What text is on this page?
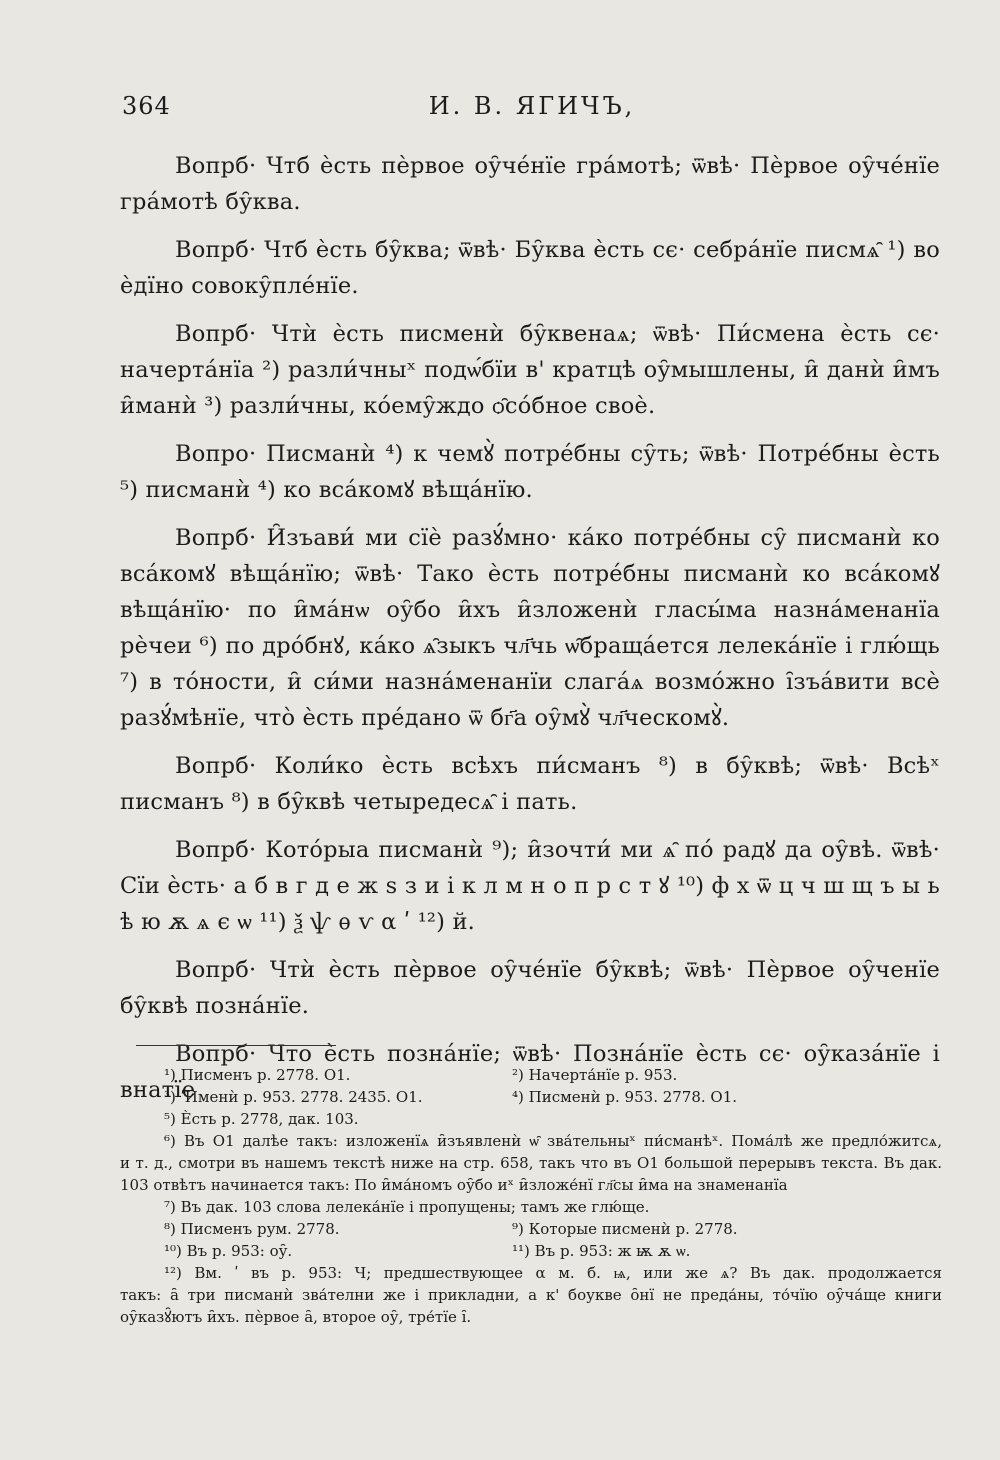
364	И. В. ЯГИЧЪ,

Вопрб· Чтб ѐсть пѐрвое оу̑че́нїе гра́мотѣ; ѿвѣ· Пѐрвое оу̑че́нїе гра́мотѣ бу̑ква.

Вопрб· Чтб ѐсть бу̑ква; ѿвѣ· Бу̑ква ѐсть сє· себра́нїе писмѧ̑ ¹) во ѐдїно совоку̑пле́нїе.

Вопрб· Чтѝ ѐсть писменѝ бу̑квенаѧ; ѿвѣ· Пи́смена ѐсть сє· начерта́нїа ²) разли́чныˣ подѡ́бїи в' кратцѣ оу̑мышлены, и̑ данѝ и̑мъ и̑манѝ ³) разли́чны, ко́ему̑ждо ѻ̑со́бное своѐ.

Вопро· Писманѝ ⁴) к чемꙋ̀ потре́бны су̑ть; ѿвѣ· Потре́бны ѐсть ⁵) писманѝ ⁴) ко вса́комꙋ вѣща́нїю.

Вопрб· И̑зъави́ ми сїѐ разꙋ́мно· ка́ко потре́бны су̑ писманѝ ко вса́комꙋ вѣща́нїю; ѿвѣ· Тако ѐсть потре́бны писманѝ ко вса́комꙋ вѣща́нїю· по и̑ма́нѡ оу̑бо и̑хъ и̑зложенѝ гласы́ма назна́менанїа рѐчеи ⁶) по дро́бнꙋ, ка́ко ѧ̑зыкъ чл҃чь ѡ̑браща́ется лелека́нїе і глю́щь ⁷) в то́ности, и̑ си́ми назна́менанїи слага́ѧ возмо́жно і̑зъа́вити всѐ разꙋ́мѣнїе, что̀ ѐсть пре́дано ѿ бг҃а оу̑мꙋ̀ чл҃ческомꙋ̀.

Вопрб· Коли́ко ѐсть всѣхъ пи́сманъ ⁸) в бу̑квѣ; ѿвѣ· Всѣˣ писманъ ⁸) в бу̑квѣ четыредесѧ̑ і пать.

Вопрб· Кото́рыа писманѝ ⁹); и̑зочти́ ми ѧ̑ по́ радꙋ да оу̑вѣ. ѿвѣ· Сїи ѐсть· а б в г д е ж ѕ з и і к л м н о п р с т ꙋ ¹⁰) ф х ѿ ц ч ш щ ъ ы ь ѣ ю ѫ ѧ є ѡ ¹¹) ѯ ѱ ѳ ѵ α ʹ ¹²) й.

Вопрб· Чтѝ ѐсть пѐрвое оу̑че́нїе бу̑квѣ; ѿвѣ· Пѐрвое оу̑ченїе бу̑квѣ позна́нїе.

Вопрб· Что ѐсть позна́нїе; ѿвѣ· Позна́нїе ѐсть сє· оу̑каза́нїе і внатїе

¹) Писменъ р. 2778. О1.	²) Начерта́нїе р. 953.
³) ʹИменѝ р. 953. 2778. 2435. О1.	⁴) Писменѝ р. 953. 2778. О1.
⁵) Ѐсть р. 2778, дак. 103.
⁶) Въ О1 далѣе такъ: изложенїѧ и̑зъявленѝ ѡ̑ зва́тельныˣ пи́сманѣˣ. Пома́лѣ же предло́житсѧ,
и т. д., смотри въ нашемъ текстѣ ниже на стр. 658, такъ что въ О1 большой перерывъ текста. Въ дак. 103 отвѣтъ начинается такъ: По и̑ма́номъ оу̑бо иˣ и̑зложе́нї гл҃сы и̑ма на знаменанїа
⁷) Въ дак. 103 слова лелека́нїе і пропущены; тамъ же глю́ще.
⁸) Писменъ рум. 2778.	⁹) Которые писменѝ р. 2778.
¹⁰) Въ р. 953: оу̑.	¹¹) Въ р. 953: ж ѭ ѫ ѡ.
¹²) Вм. ʹ въ р. 953: Ч; предшествующее α м. б. ѩ, или же ѧ? Въ дак. продолжается
такъ: а̑ три писманѝ зва́телни же і прикладни, а к' боукве о̑нї не преда́ны, то́чїю оу̑ча́ще книги
оу̑казꙋ̑ютъ и̑хъ. пѐрвое а̑, второе оу̑, тре́тїе і̑.
